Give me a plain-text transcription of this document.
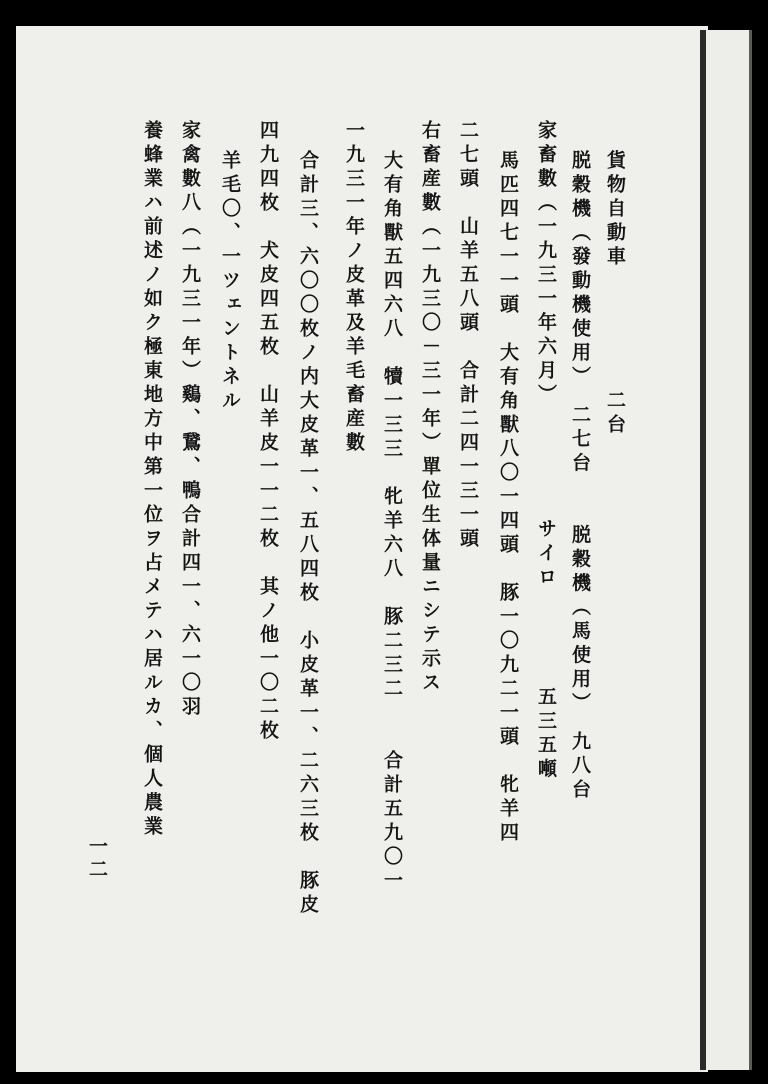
貨物自動車　　　　　二台
脱穀機（發動機使用）　二七台　　脱穀機（馬使用）　九八台
家畜數（一九三一年六月）　　　　　サイロ　　　　五三五噸
馬匹四七一一頭　大有角獸八〇一四頭　豚一〇九二一頭　牝羊四
二七頭　山羊五八頭　合計二四一三一頭
右畜産數（一九三〇－三一年）單位生体量ニシテ示ス
大有角獸五四六八　犢一三三　牝羊六八　豚二三二　　合計五九〇一
一九三一年ノ皮革及羊毛畜産數
合計三、六〇〇枚ノ内大皮革一、五八四枚　小皮革一、二六三枚　豚皮
四九四枚　犬皮四五枚　山羊皮一一二枚　其ノ他一〇二枚
羊毛〇、一ツェントネル
家禽數八（一九三一年）鷄、鵞、鴨合計四一、六一〇羽
養蜂業ハ前述ノ如ク極東地方中第一位ヲ占メテハ居ルカ、個人農業
一二
